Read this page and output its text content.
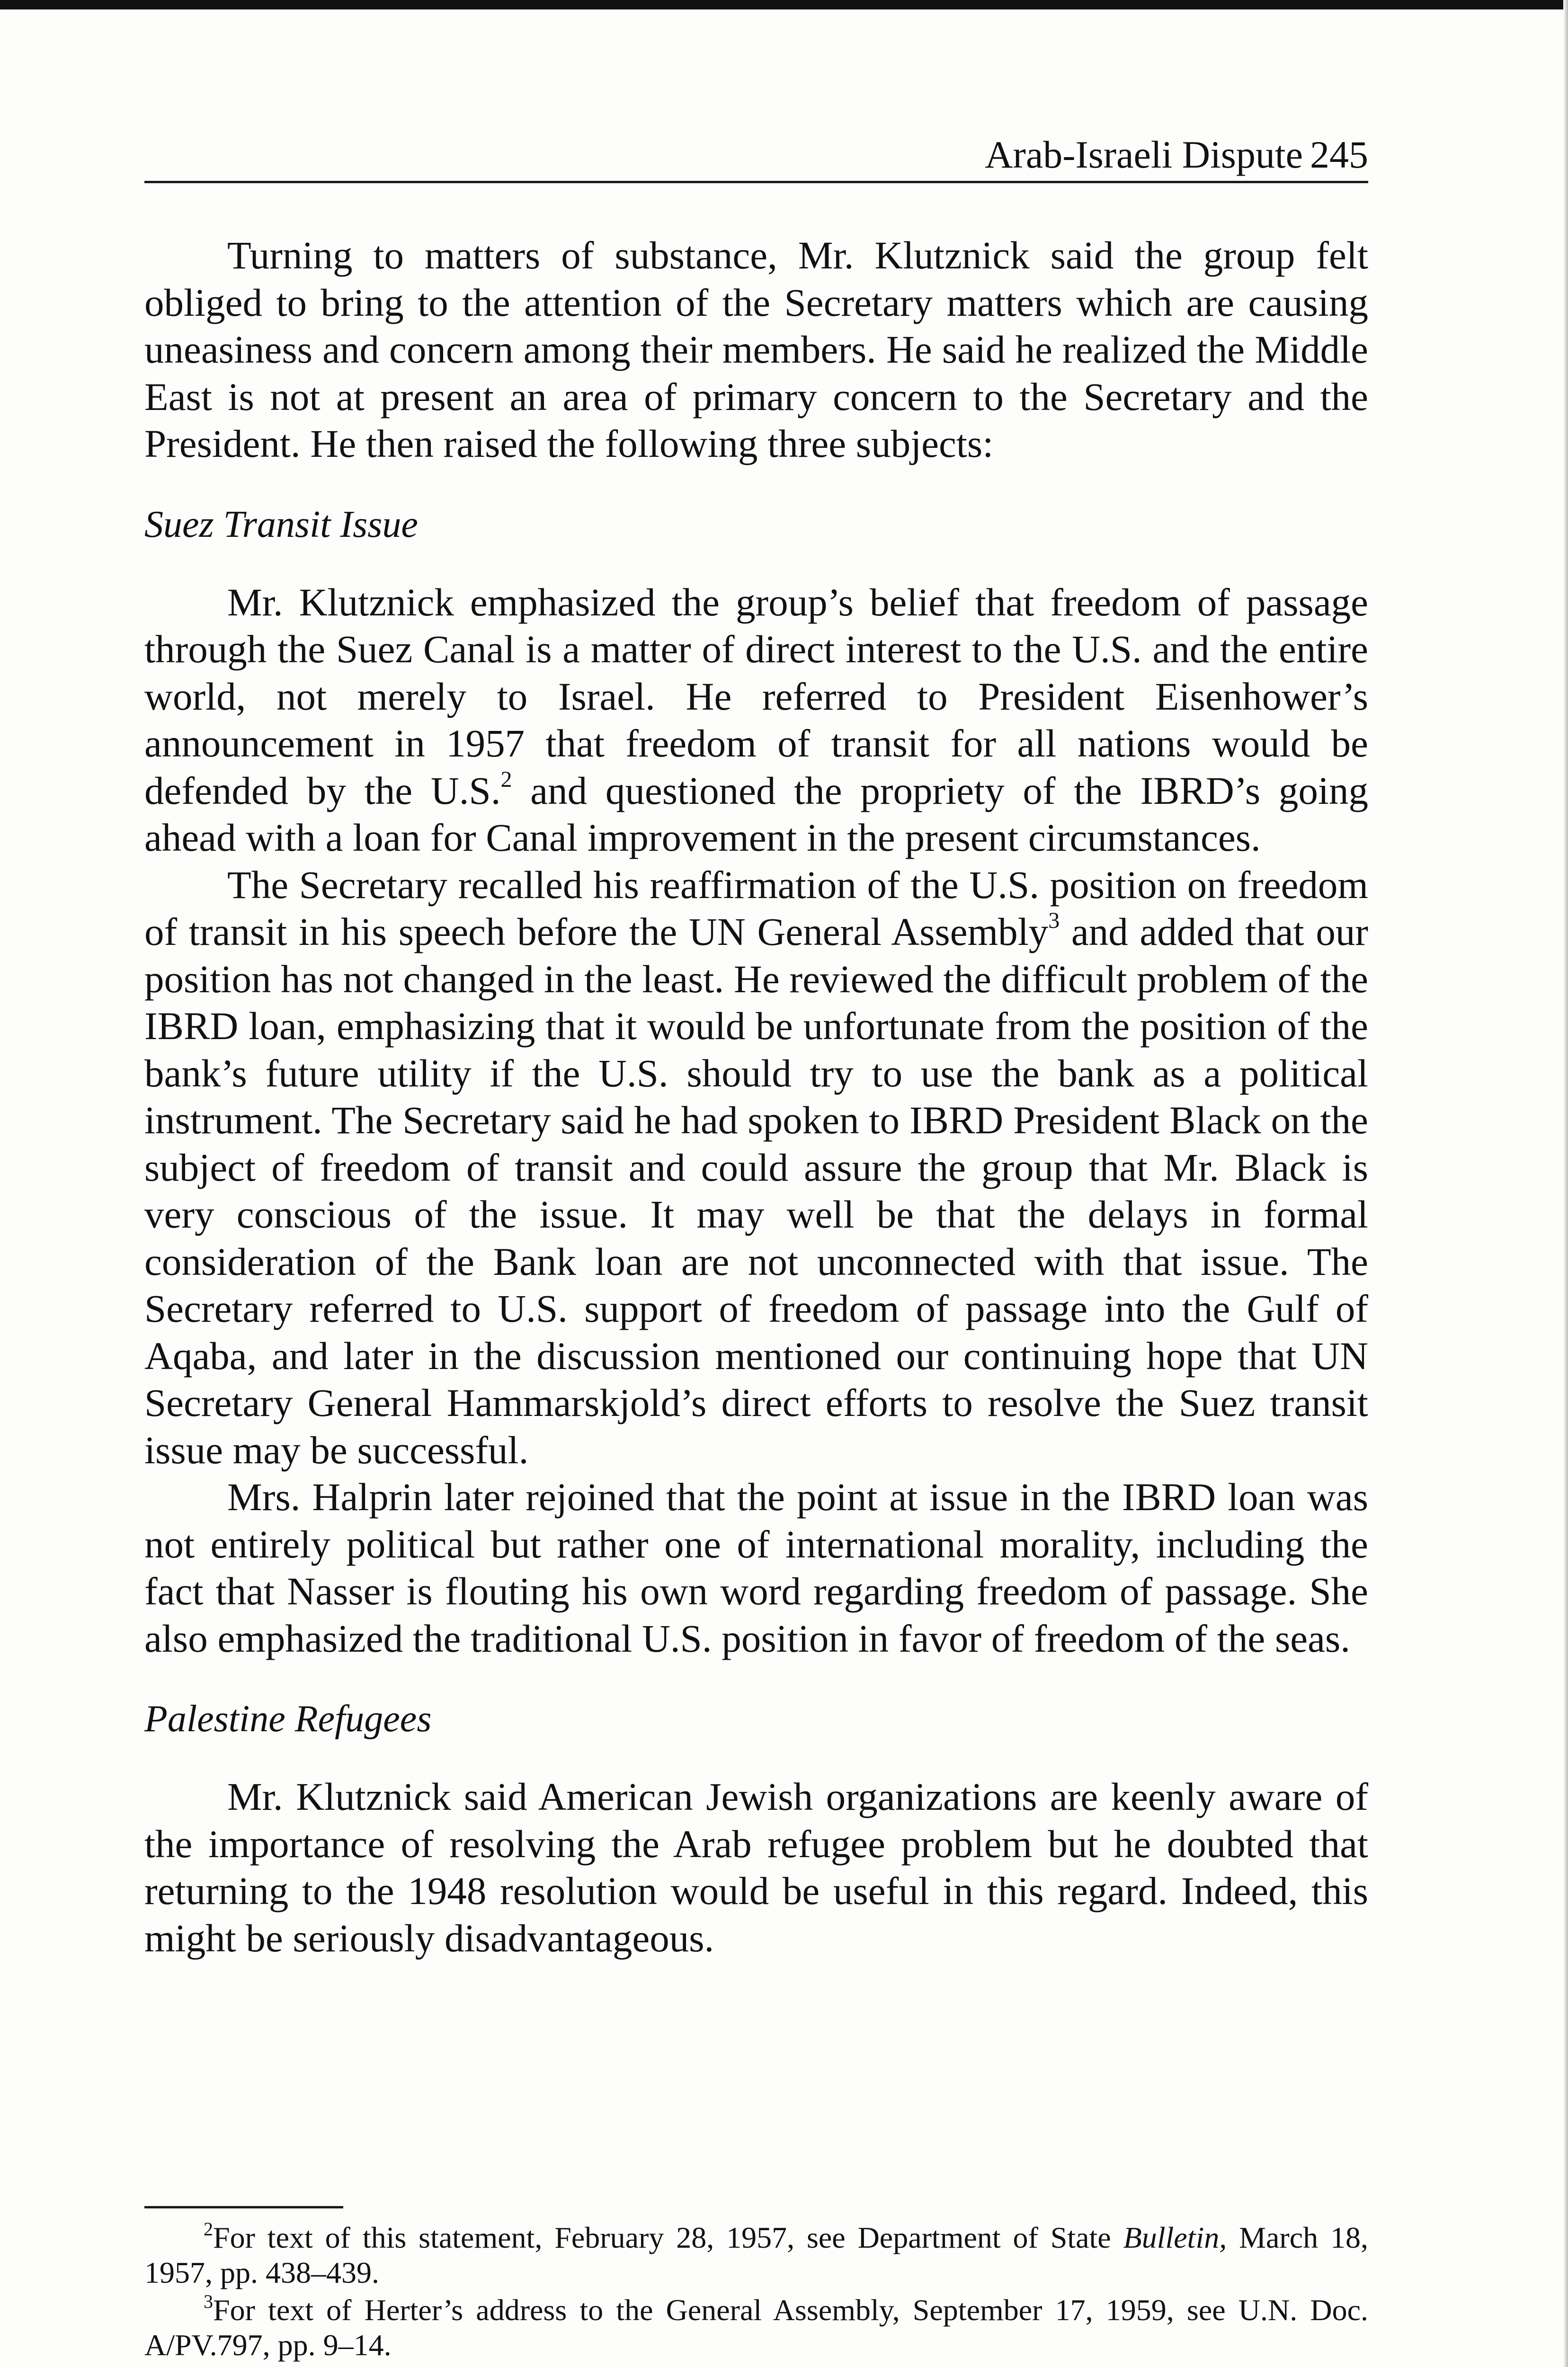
Arab-Israeli Dispute 245

Turning to matters of substance, Mr. Klutznick said the group felt obliged to bring to the attention of the Secretary matters which are causing uneasiness and concern among their members. He said he realized the Middle East is not at present an area of primary concern to the Secretary and the President. He then raised the following three subjects:

Suez Transit Issue

Mr. Klutznick emphasized the group’s belief that freedom of passage through the Suez Canal is a matter of direct interest to the U.S. and the entire world, not merely to Israel. He referred to President Eisenhower’s announcement in 1957 that freedom of transit for all nations would be defended by the U.S.$^2$ and questioned the propriety of the IBRD’s going ahead with a loan for Canal improvement in the present circumstances.

The Secretary recalled his reaffirmation of the U.S. position on freedom of transit in his speech before the UN General Assembly$^3$ and added that our position has not changed in the least. He reviewed the difficult problem of the IBRD loan, emphasizing that it would be unfortunate from the position of the bank’s future utility if the U.S. should try to use the bank as a political instrument. The Secretary said he had spoken to IBRD President Black on the subject of freedom of transit and could assure the group that Mr. Black is very conscious of the issue. It may well be that the delays in formal consideration of the Bank loan are not unconnected with that issue. The Secretary referred to U.S. support of freedom of passage into the Gulf of Aqaba, and later in the discussion mentioned our continuing hope that UN Secretary General Hammarskjold’s direct efforts to resolve the Suez transit issue may be successful.

Mrs. Halprin later rejoined that the point at issue in the IBRD loan was not entirely political but rather one of international morality, including the fact that Nasser is flouting his own word regarding freedom of passage. She also emphasized the traditional U.S. position in favor of freedom of the seas.

Palestine Refugees

Mr. Klutznick said American Jewish organizations are keenly aware of the importance of resolving the Arab refugee problem but he doubted that returning to the 1948 resolution would be useful in this regard. Indeed, this might be seriously disadvantageous.

$^2$For text of this statement, February 28, 1957, see Department of State Bulletin, March 18, 1957, pp. 438–439.

$^3$For text of Herter’s address to the General Assembly, September 17, 1959, see U.N. Doc. A/PV.797, pp. 9–14.
